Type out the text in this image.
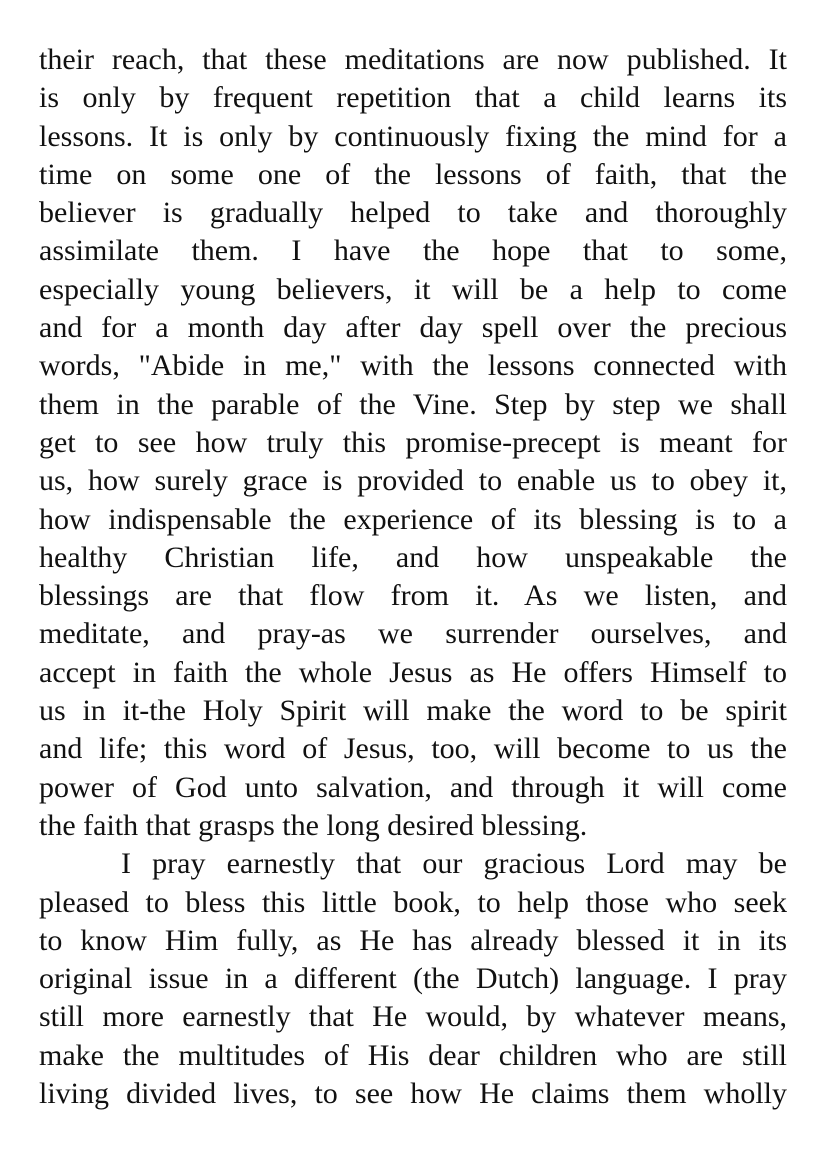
their reach, that these meditations are now published. It
is only by frequent repetition that a child learns its
lessons. It is only by continuously fixing the mind for a
time on some one of the lessons of faith, that the
believer is gradually helped to take and thoroughly
assimilate them. I have the hope that to some,
especially young believers, it will be a help to come
and for a month day after day spell over the precious
words, "Abide in me," with the lessons connected with
them in the parable of the Vine. Step by step we shall
get to see how truly this promise-precept is meant for
us, how surely grace is provided to enable us to obey it,
how indispensable the experience of its blessing is to a
healthy Christian life, and how unspeakable the
blessings are that flow from it. As we listen, and
meditate, and pray-as we surrender ourselves, and
accept in faith the whole Jesus as He offers Himself to
us in it-the Holy Spirit will make the word to be spirit
and life; this word of Jesus, too, will become to us the
power of God unto salvation, and through it will come
the faith that grasps the long desired blessing.
I pray earnestly that our gracious Lord may be
pleased to bless this little book, to help those who seek
to know Him fully, as He has already blessed it in its
original issue in a different (the Dutch) language. I pray
still more earnestly that He would, by whatever means,
make the multitudes of His dear children who are still
living divided lives, to see how He claims them wholly
